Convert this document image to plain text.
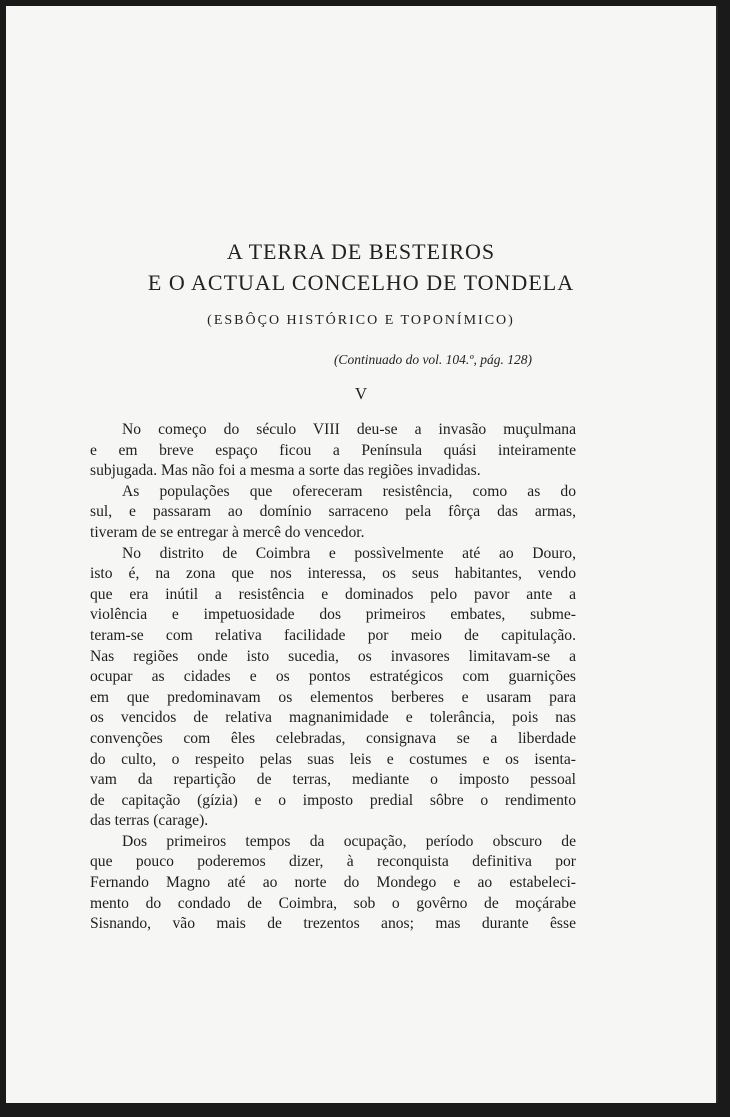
A TERRA DE BESTEIROS
E O ACTUAL CONCELHO DE TONDELA
(ESBÔÇO HISTÓRICO E TOPONÍMICO)
(Continuado do vol. 104.º, pág. 128)
V
No começo do século VIII deu-se a invasão muçulmana
e em breve espaço ficou a Península quási inteiramente
subjugada. Mas não foi a mesma a sorte das regiões invadidas.
As populações que ofereceram resistência, como as do
sul, e passaram ao domínio sarraceno pela fôrça das armas,
tiveram de se entregar à mercê do vencedor.
No distrito de Coimbra e possìvelmente até ao Douro,
isto é, na zona que nos interessa, os seus habitantes, vendo
que era inútil a resistência e dominados pelo pavor ante a
violência e impetuosidade dos primeiros embates, subme-
teram-se com relativa facilidade por meio de capitulação.
Nas regiões onde isto sucedia, os invasores limitavam-se a
ocupar as cidades e os pontos estratégicos com guarnições
em que predominavam os elementos berberes e usaram para
os vencidos de relativa magnanimidade e tolerância, pois nas
convenções com êles celebradas, consignava se a liberdade
do culto, o respeito pelas suas leis e costumes e os isenta-
vam da repartição de terras, mediante o imposto pessoal
de capitação (gízia) e o imposto predial sôbre o rendimento
das terras (carage).
Dos primeiros tempos da ocupação, período obscuro de
que pouco poderemos dizer, à reconquista definitiva por
Fernando Magno até ao norte do Mondego e ao estabeleci-
mento do condado de Coimbra, sob o govêrno de moçárabe
Sisnando, vão mais de trezentos anos; mas durante êsse
